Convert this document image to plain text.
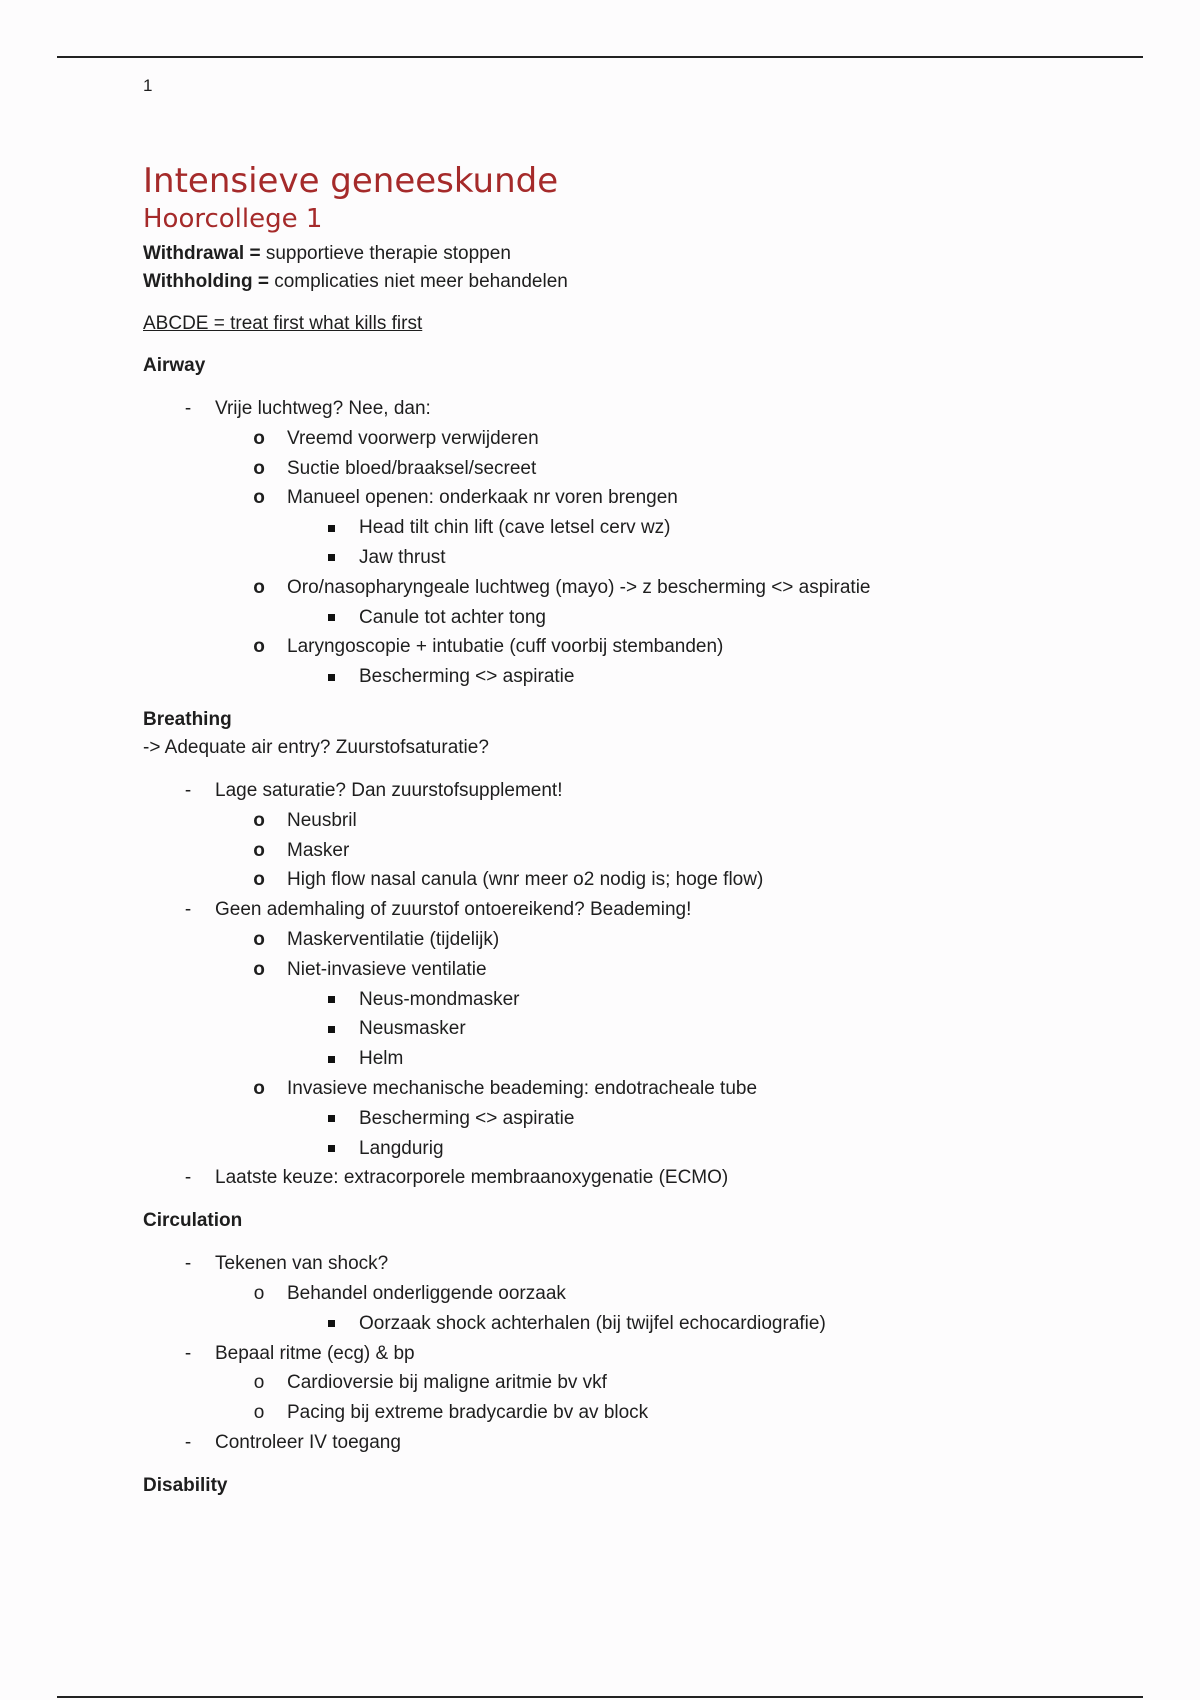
1
Intensieve geneeskunde
Hoorcollege 1

Withdrawal = supportieve therapie stoppen

Withholding = complicaties niet meer behandelen

ABCDE = treat first what kills first

Airway

-	Vrije luchtweg? Nee, dan:
o Vreemd voorwerp verwijderen
o Suctie bloed/braaksel/secreet
o Manueel openen: onderkaak nr voren brengen
Head tilt chin lift (cave letsel cerv wz)
Jaw thrust
o Oro/nasopharyngeale luchtweg (mayo) -> z bescherming <> aspiratie
Canule tot achter tong
o Laryngoscopie + intubatie (cuff voorbij stembanden)
Bescherming <> aspiratie

Breathing

-> Adequate air entry? Zuurstofsaturatie?

-	Lage saturatie? Dan zuurstofsupplement!
o Neusbril
o Masker
o High flow nasal canula (wnr meer o2 nodig is; hoge flow)
-	Geen ademhaling of zuurstof ontoereikend? Beademing!
o Maskerventilatie (tijdelijk)
o Niet-invasieve ventilatie
Neus-mondmasker
Neusmasker
Helm
o Invasieve mechanische beademing: endotracheale tube
Bescherming <> aspiratie
Langdurig
-	Laatste keuze: extracorporele membraanoxygenatie (ECMO)

Circulation

-	Tekenen van shock?
o Behandel onderliggende oorzaak
Oorzaak shock achterhalen (bij twijfel echocardiografie)
-	Bepaal ritme (ecg) & bp
o Cardioversie bij maligne aritmie bv vkf
o Pacing bij extreme bradycardie bv av block
-	Controleer IV toegang

Disability
